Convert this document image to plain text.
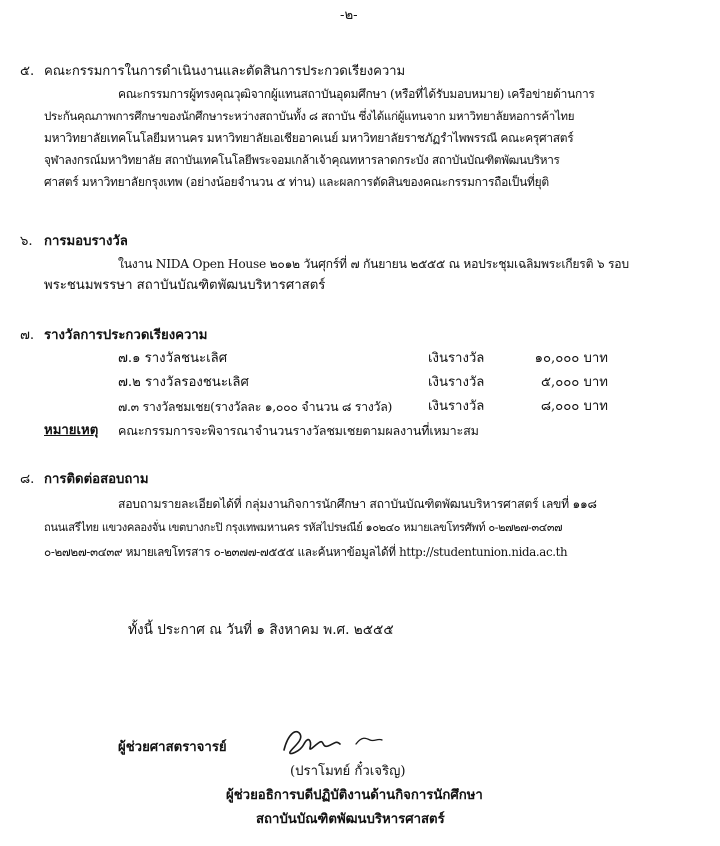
-๒-
๕. คณะกรรมการในการดำเนินงานและตัดสินการประกวดเรียงความ
คณะกรรมการผู้ทรงคุณวุฒิจากผู้แทนสถาบันอุดมศึกษา (หรือที่ได้รับมอบหมาย) เครือข่ายด้านการ
ประกันคุณภาพการศึกษาของนักศึกษาระหว่างสถาบันทั้ง ๘ สถาบัน ซึ่งได้แก่ผู้แทนจาก มหาวิทยาลัยหอการค้าไทย
มหาวิทยาลัยเทคโนโลยีมหานคร มหาวิทยาลัยเอเชียอาคเนย์ มหาวิทยาลัยราชภัฏรำไพพรรณี คณะครุศาสตร์
จุฬาลงกรณ์มหาวิทยาลัย สถาบันเทคโนโลยีพระจอมเกล้าเจ้าคุณทหารลาดกระบัง สถาบันบัณฑิตพัฒนบริหาร
ศาสตร์ มหาวิทยาลัยกรุงเทพ (อย่างน้อยจำนวน ๕ ท่าน) และผลการตัดสินของคณะกรรมการถือเป็นที่ยุติ
๖. การมอบรางวัล
ในงาน NIDA Open House ๒๐๑๒ วันศุกร์ที่ ๗ กันยายน ๒๕๕๕ ณ หอประชุมเฉลิมพระเกียรติ ๖ รอบ
พระชนมพรรษา สถาบันบัณฑิตพัฒนบริหารศาสตร์
๗. รางวัลการประกวดเรียงความ
๗.๑ รางวัลชนะเลิศ	เงินรางวัล	๑๐,๐๐๐ บาท
๗.๒ รางวัลรองชนะเลิศ	เงินรางวัล	๕,๐๐๐ บาท
๗.๓ รางวัลชมเชย(รางวัลละ ๑,๐๐๐ จำนวน ๘ รางวัล)	เงินรางวัล	๘,๐๐๐ บาท
หมายเหตุ คณะกรรมการจะพิจารณาจำนวนรางวัลชมเชยตามผลงานที่เหมาะสม
๘. การติดต่อสอบถาม
สอบถามรายละเอียดได้ที่ กลุ่มงานกิจการนักศึกษา สถาบันบัณฑิตพัฒนบริหารศาสตร์ เลขที่ ๑๑๘
ถนนเสรีไทย แขวงคลองจั่น เขตบางกะปิ กรุงเทพมหานคร รหัสไปรษณีย์ ๑๐๒๔๐ หมายเลขโทรศัพท์ ๐-๒๗๒๗-๓๔๓๗
๐-๒๗๒๗-๓๔๓๙ หมายเลขโทรสาร ๐-๒๓๗๗-๗๕๕๕ และค้นหาข้อมูลได้ที่ http://studentunion.nida.ac.th
ทั้งนี้ ประกาศ ณ วันที่ ๑ สิงหาคม พ.ศ. ๒๕๕๕
ผู้ช่วยศาสตราจารย์
(ปราโมทย์ กั๋วเจริญ)
ผู้ช่วยอธิการบดีปฏิบัติงานด้านกิจการนักศึกษา
สถาบันบัณฑิตพัฒนบริหารศาสตร์
